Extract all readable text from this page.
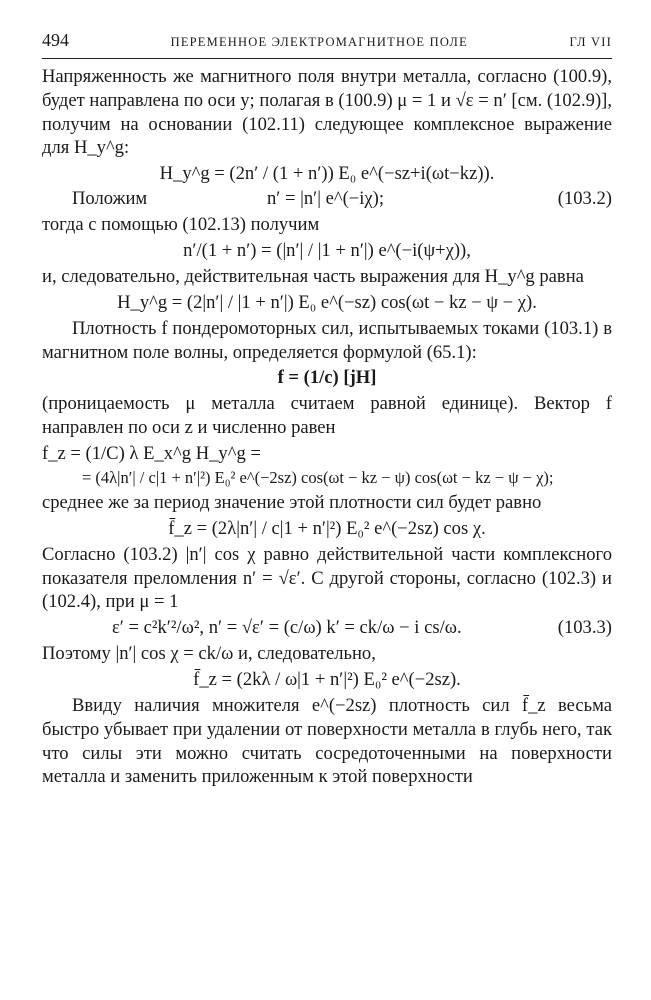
494	ПЕРЕМЕННОЕ ЭЛЕКТРОМАГНИТНОЕ ПОЛЕ	ГЛ VII

Напряженность же магнитного поля внутри металла, согласно (100.9), будет направлена по оси y; полагая в (100.9) μ = 1 и √ε = n′ [см. (102.9)], получим на основании (102.11) следующее комплексное выражение для H_y^g:

H_y^g = (2n′ / (1 + n′)) E₀ e^(−sz+i(ωt−kz)).
Положим	n′ = |n′| e^(−iχ);	(103.2)

тогда с помощью (102.13) получим

n′/(1 + n′) = (|n′| / |1 + n′|) e^(−i(ψ+χ)),

и, следовательно, действительная часть выражения для H_y^g равна

H_y^g = (2|n′| / |1 + n′|) E₀ e^(−sz) cos(ωt − kz − ψ − χ).

Плотность f пондеромоторных сил, испытываемых токами (103.1) в магнитном поле волны, определяется формулой (65.1):

f = (1/c) [jH]

(проницаемость μ металла считаем равной единице). Вектор f направлен по оси z и численно равен

f_z = (1/C) λ E_x^g H_y^g =
= (4λ|n′| / c|1 + n′|²) E₀² e^(−2sz) cos(ωt − kz − ψ) cos(ωt − kz − ψ − χ);

среднее же за период значение этой плотности сил будет равно

f̄_z = (2λ|n′| / c|1 + n′|²) E₀² e^(−2sz) cos χ.

Согласно (103.2) |n′| cos χ равно действительной части комплексного показателя преломления n′ = √ε′. С другой стороны, согласно (102.3) и (102.4), при μ = 1

ε′ = c²k′²/ω², n′ = √ε′ = (c/ω) k′ = ck/ω − i cs/ω.	(103.3)

Поэтому |n′| cos χ = ck/ω и, следовательно,

f̄_z = (2kλ / ω|1 + n′|²) E₀² e^(−2sz).

Ввиду наличия множителя e^(−2sz) плотность сил f̄_z весьма быстро убывает при удалении от поверхности металла в глубь него, так что силы эти можно считать сосредоточенными на поверхности металла и заменить приложенным к этой поверхности
